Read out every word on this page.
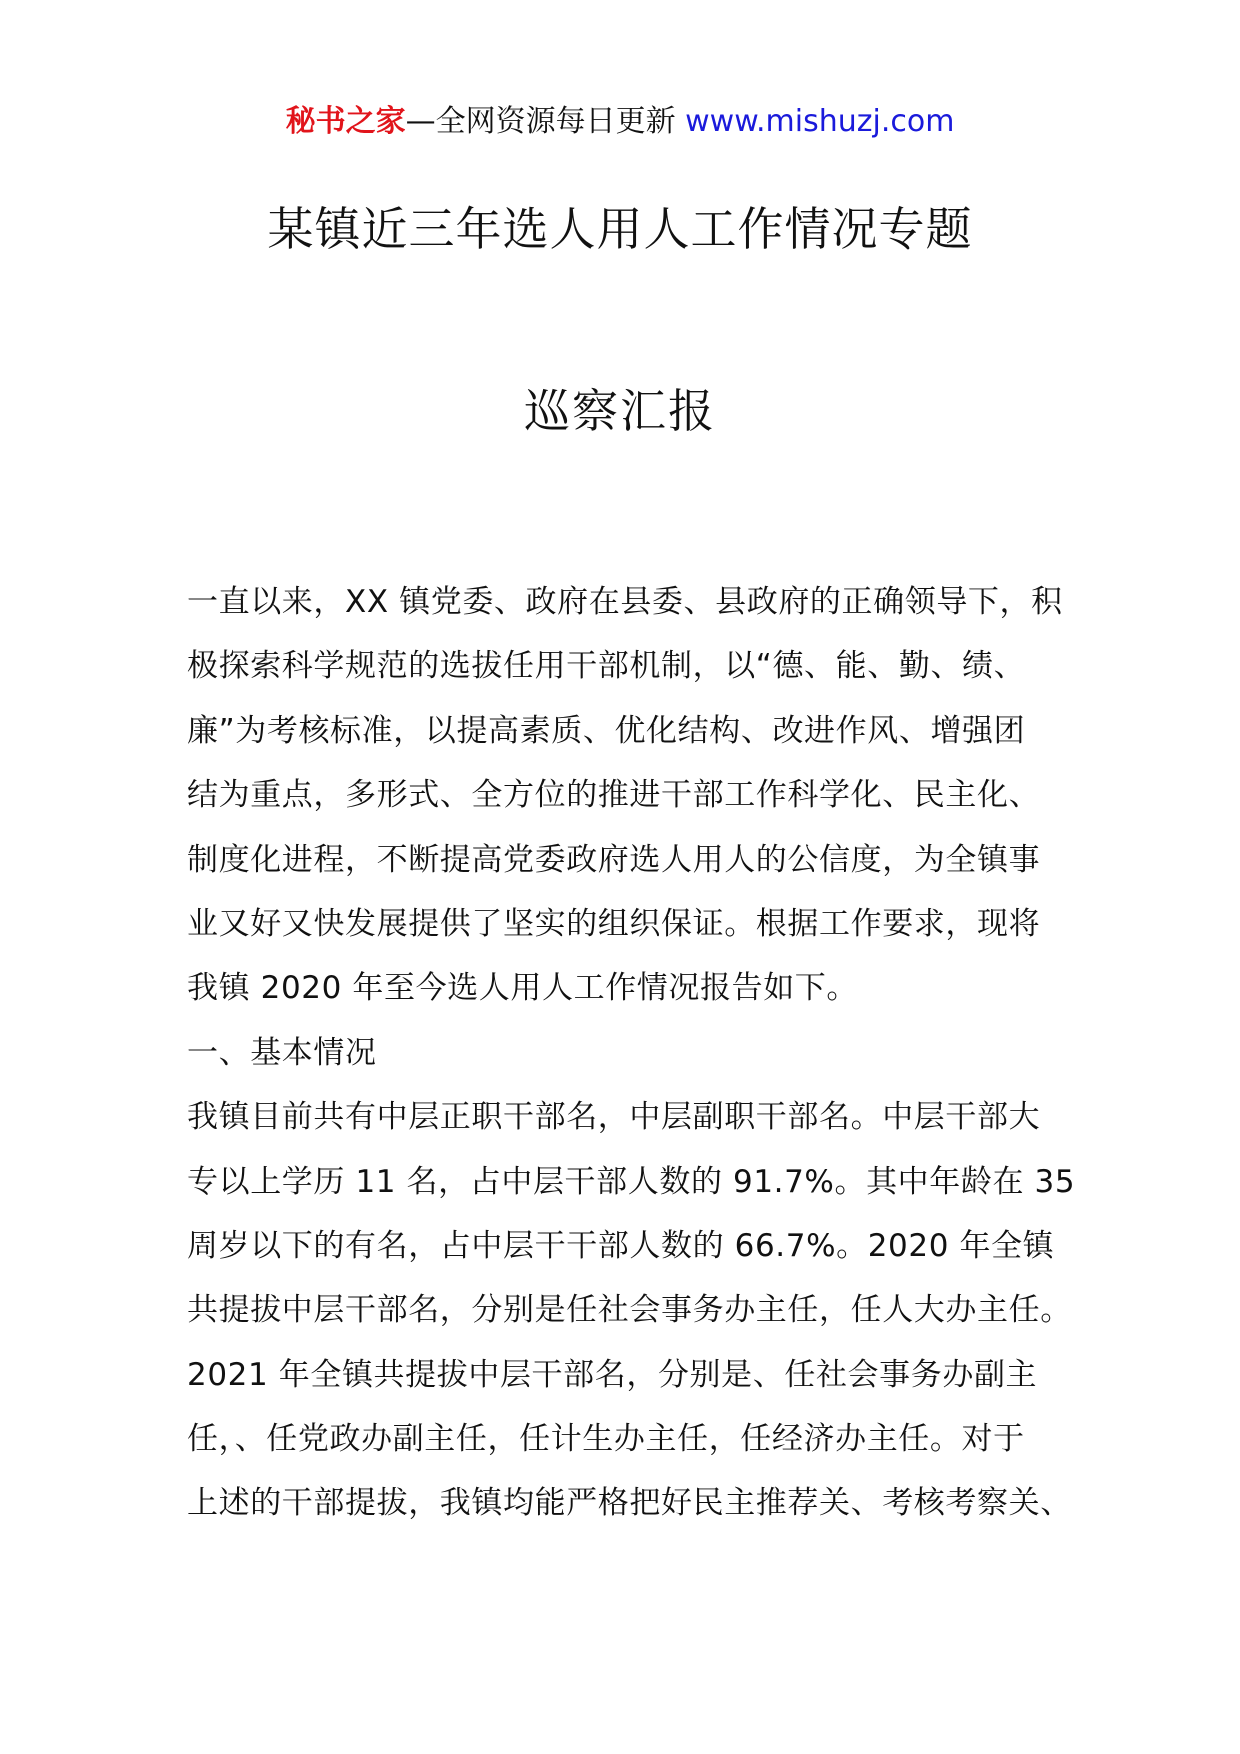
秘书之家—全网资源每日更新 www.mishuzj.com
某镇近三年选人用人工作情况专题
巡察汇报
一直以来，XX 镇党委、政府在县委、县政府的正确领导下，积
极探索科学规范的选拔任用干部机制，以“德、能、勤、绩、
廉”为考核标准，以提高素质、优化结构、改进作风、增强团
结为重点，多形式、全方位的推进干部工作科学化、民主化、
制度化进程，不断提高党委政府选人用人的公信度，为全镇事
业又好又快发展提供了坚实的组织保证。根据工作要求，现将
我镇 2020 年至今选人用人工作情况报告如下。
一、基本情况
我镇目前共有中层正职干部名，中层副职干部名。中层干部大
专以上学历 11 名，占中层干部人数的 91.7%。其中年龄在 35
周岁以下的有名，占中层干干部人数的 66.7%。2020 年全镇
共提拔中层干部名，分别是任社会事务办主任，任人大办主任。
2021 年全镇共提拔中层干部名，分别是、任社会事务办副主
任，、任党政办副主任，任计生办主任，任经济办主任。对于
上述的干部提拔，我镇均能严格把好民主推荐关、考核考察关、
